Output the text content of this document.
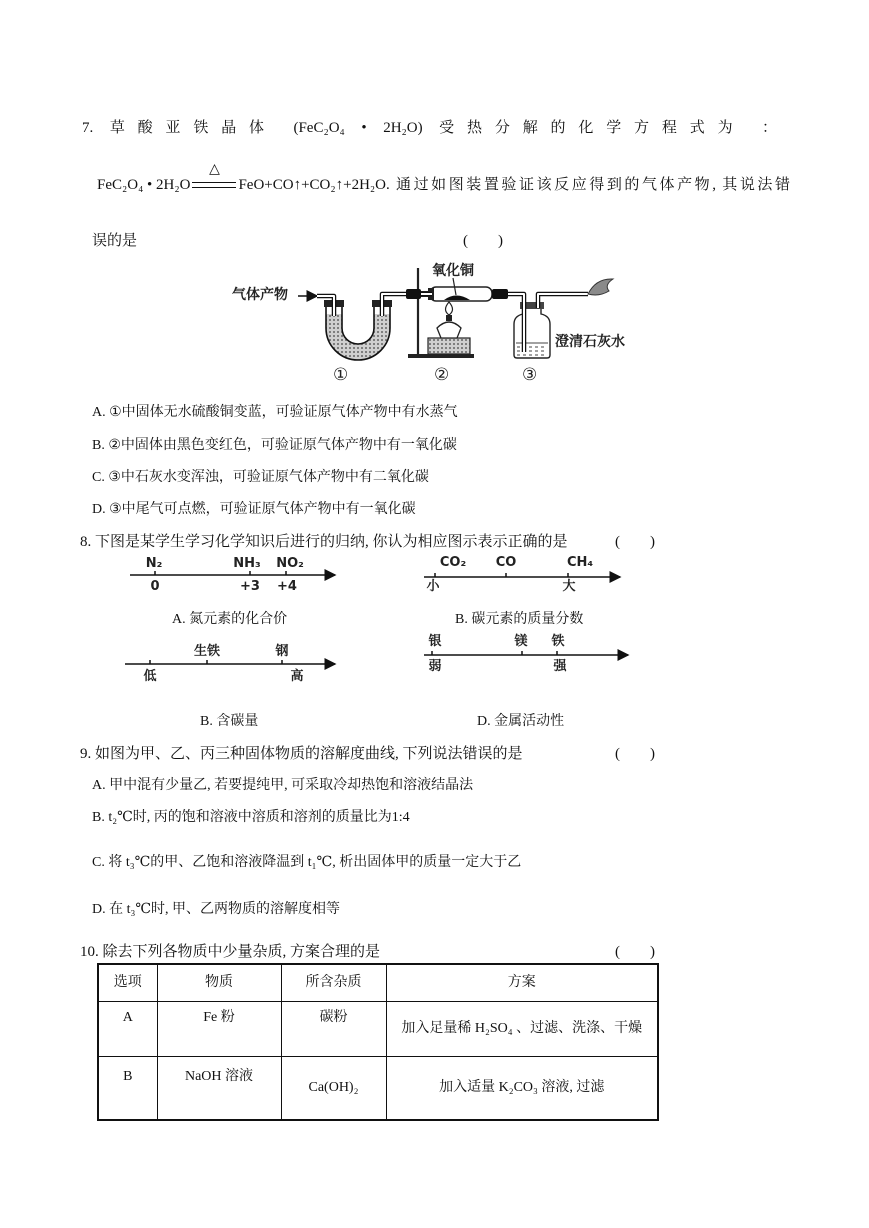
7. 草酸亚铁晶体 (FeC₂O₄ • 2H₂O) 受热分解的化学方程式为 ：
FeC₂O₄ • 2H₂O
△
FeO+CO↑+CO₂↑+2H₂O . 通过如图装置验证该反应得到的气体产物, 其说法错
误的是	(　　)
气体产物
氧化铜
澄清石灰水
①	②	③
A. ①中固体无水硫酸铜变蓝，可验证原气体产物中有水蒸气
B. ②中固体由黑色变红色，可验证原气体产物中有一氧化碳
C. ③中石灰水变浑浊，可验证原气体产物中有二氧化碳
D. ③中尾气可点燃，可验证原气体产物中有一氧化碳
8. 下图是某学生学习化学知识后进行的归纳, 你认为相应图示表示正确的是	(　　)
N₂	NH₃ NO₂
0	+3 +4
A. 氮元素的化合价
CO₂ CO	CH₄
小	大
B. 碳元素的质量分数
生铁	钢
低	高
B. 含碳量
银	镁 铁
弱	强
D. 金属活动性
9. 如图为甲、乙、丙三种固体物质的溶解度曲线, 下列说法错误的是	(　　)
A. 甲中混有少量乙, 若要提纯甲, 可采取冷却热饱和溶液结晶法
B. t₂℃时, 丙的饱和溶液中溶质和溶剂的质量比为1:4
C. 将 t₃℃的甲、乙饱和溶液降温到 t₁℃, 析出固体甲的质量一定大于乙
D. 在 t₃℃时, 甲、乙两物质的溶解度相等
10. 除去下列各物质中少量杂质, 方案合理的是	(　　)
选项	物质	所含杂质	方案
A	Fe 粉	碳粉	加入足量稀 H₂SO₄ 、过滤、洗涤、干燥
B	NaOH 溶液	Ca(OH)₂	加入适量 K₂CO₃ 溶液, 过滤
